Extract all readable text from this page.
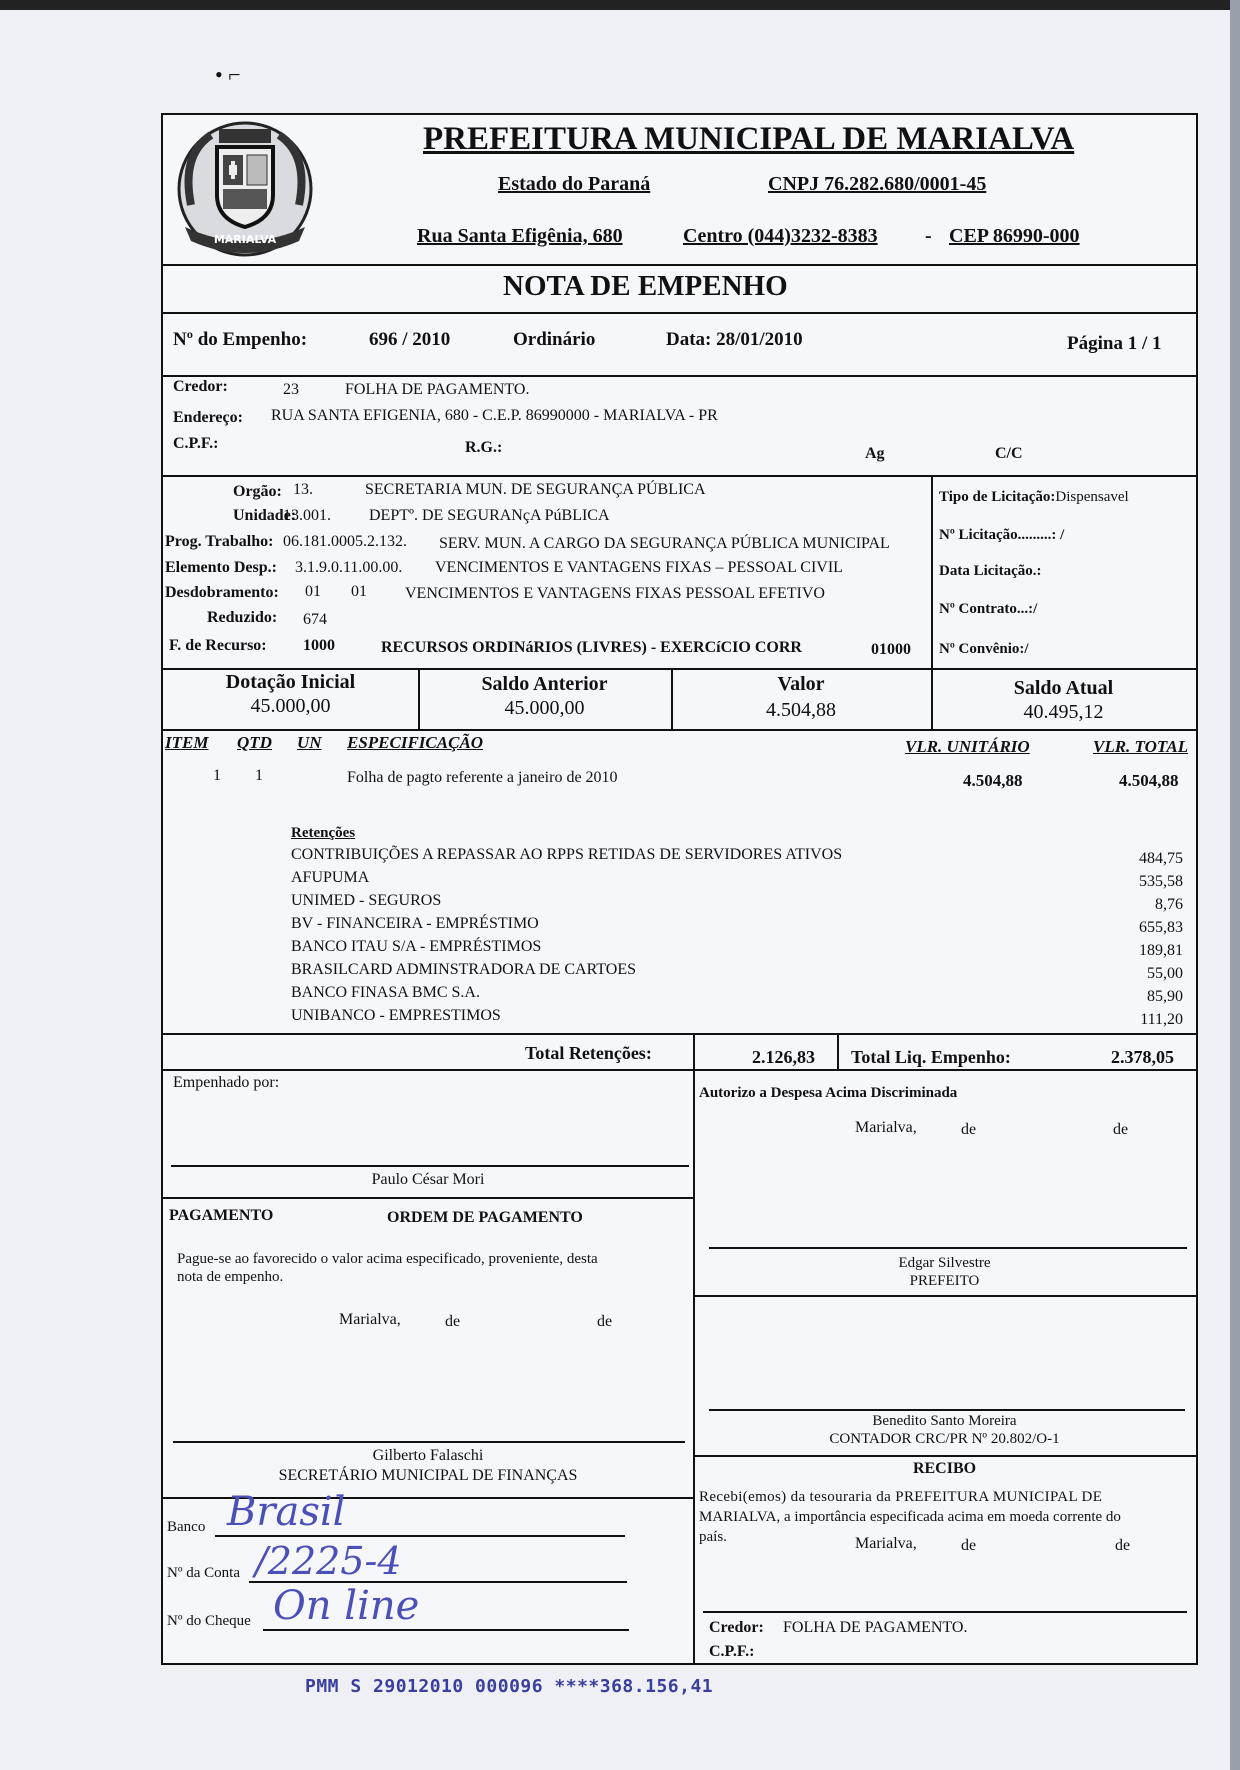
• ⌐
MARIALVA
PREFEITURA MUNICIPAL DE MARIALVA
Estado do Paraná	CNPJ 76.282.680/0001-45
Rua Santa Efigênia, 680	Centro (044)3232-8383 - CEP 86990-000
NOTA DE EMPENHO
Nº do Empenho:	696 / 2010	Ordinário	Data: 28/01/2010	Página 1 / 1
Credor:	23	FOLHA DE PAGAMENTO.
Endereço: RUA SANTA EFIGENIA, 680 - C.E.P. 86990000 - MARIALVA - PR
C.P.F.:	R.G.:	Ag	C/C
Orgão: 13.	SECRETARIA MUN. DE SEGURANÇA PÚBLICA
Unidade:
13.001. DEPTº. DE SEGURANçA PúBLICA
Prog. Trabalho: 06.181.0005.2.132. SERV. MUN. A CARGO DA SEGURANÇA PÚBLICA MUNICIPAL
Elemento Desp.: 3.1.9.0.11.00.00. VENCIMENTOS E VANTAGENS FIXAS – PESSOAL CIVIL
Desdobramento: 01 01 VENCIMENTOS E VANTAGENS FIXAS PESSOAL EFETIVO
Reduzido: 674
F. de Recurso: 1000	RECURSOS ORDINáRIOS (LIVRES) - EXERCíCIO CORR	01000
Tipo de Licitação:Dispensavel
Nº Licitação.........: /
Data Licitação.:
Nº Contrato...:/
Nº Convênio:/
Dotação Inicial
45.000,00
Saldo Anterior
45.000,00
Valor
4.504,88
Saldo Atual
40.495,12
ITEM QTD UN ESPECIFICAÇÃO	VLR. UNITÁRIO	VLR. TOTAL
1 1	Folha de pagto referente a janeiro de 2010	4.504,88	4.504,88
Retenções
CONTRIBUIÇÕES A REPASSAR AO RPPS RETIDAS DE SERVIDORES ATIVOS	484,75
AFUPUMA	535,58
UNIMED - SEGUROS	8,76
BV - FINANCEIRA - EMPRÉSTIMO	655,83
BANCO ITAU S/A - EMPRÉSTIMOS	189,81
BRASILCARD ADMINSTRADORA DE CARTOES	55,00
BANCO FINASA BMC S.A.	85,90
UNIBANCO - EMPRESTIMOS	111,20
Total Retenções:	2.126,83 Total Liq. Empenho:	2.378,05
Empenhado por:
Paulo César Mori
PAGAMENTO	ORDEM DE PAGAMENTO
Pague-se ao favorecido o valor acima especificado, proveniente, desta
nota de empenho.
Marialva,	de	de
Gilberto Falaschi
SECRETÁRIO MUNICIPAL DE FINANÇAS
Banco Brasil
Nº da Conta /2225-4
Nº do Cheque On line
Autorizo a Despesa Acima Discriminada
Marialva,	de	de
Edgar Silvestre
PREFEITO
Benedito Santo Moreira
CONTADOR CRC/PR Nº 20.802/O-1
RECIBO
Recebi(emos) da tesouraria da PREFEITURA MUNICIPAL DE
MARIALVA, a importância especificada acima em moeda corrente do
país.	Marialva,	de	de
Credor: FOLHA DE PAGAMENTO.
C.P.F.:
PMM S 29012010 000096 ****368.156,41
